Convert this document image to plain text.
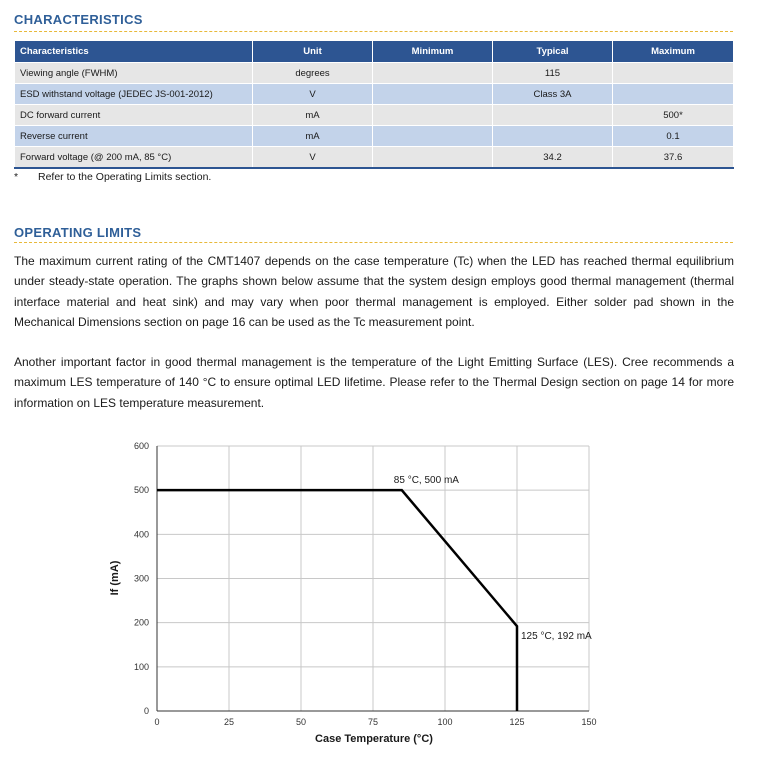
CHARACTERISTICS
Characteristics	Unit	Minimum	Typical	Maximum
Viewing angle (FWHM)	degrees		115	
ESD withstand voltage (JEDEC JS-001-2012)	V		Class 3A	
DC forward current	mA			500*
Reverse current	mA			0.1
Forward voltage (@ 200 mA, 85 °C)	V		34.2	37.6
* Refer to the Operating Limits section.
OPERATING LIMITS

The maximum current rating of the CMT1407 depends on the case temperature (Tc) when the LED has reached thermal equilibrium under steady-state operation. The graphs shown below assume that the system design employs good thermal management (thermal interface material and heat sink) and may vary when poor thermal management is employed. Either solder pad shown in the Mechanical Dimensions section on page 16 can be used as the Tc measurement point.

Another important factor in good thermal management is the temperature of the Light Emitting Surface (LES). Cree recommends a maximum LES temperature of 140 °C to ensure optimal LED lifetime. Please refer to the Thermal Design section on page 14 for more information on LES temperature measurement.

0	25	50	75	100	125	150
0
100
200
300
400
500
600
85 °C, 500 mA
125 °C, 192 mA
Case Temperature (°C)
If (mA)
